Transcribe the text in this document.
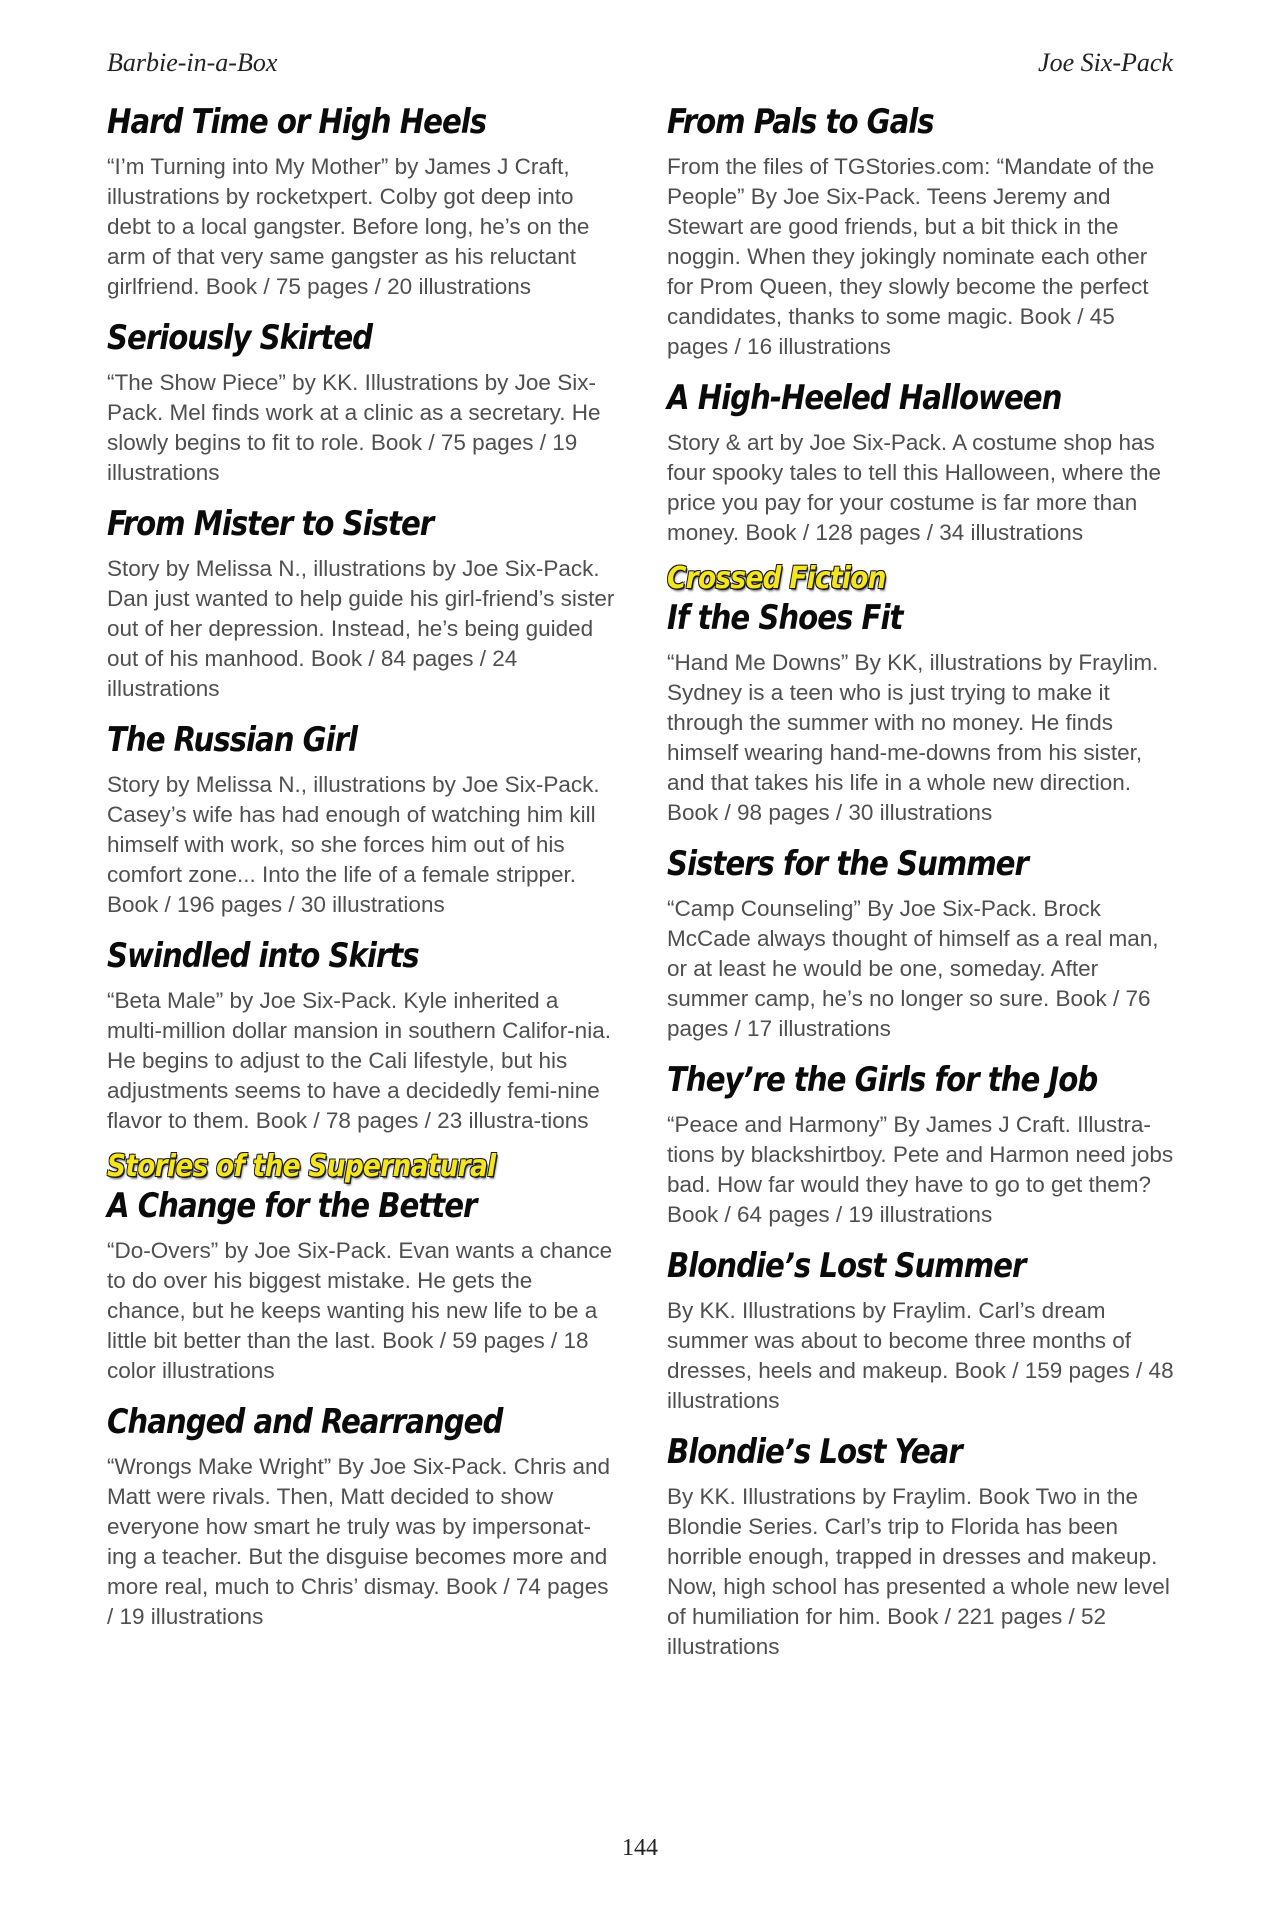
Barbie-in-a-Box	Joe Six-Pack
Hard Time or High Heels

“I’m Turning into My Mother” by James J Craft, illustrations by rocketxpert. Colby got deep into debt to a local gangster. Before long, he’s on the arm of that very same gangster as his reluctant girlfriend. Book / 75 pages / 20 illustrations

Seriously Skirted

“The Show Piece” by KK. Illustrations by Joe Six-Pack. Mel finds work at a clinic as a secretary. He slowly begins to fit to role. Book / 75 pages / 19 illustrations

From Mister to Sister

Story by Melissa N., illustrations by Joe Six-Pack. Dan just wanted to help guide his girl-friend’s sister out of her depression. Instead, he’s being guided out of his manhood. Book / 84 pages / 24 illustrations

The Russian Girl

Story by Melissa N., illustrations by Joe Six-Pack. Casey’s wife has had enough of watching him kill himself with work, so she forces him out of his comfort zone... Into the life of a female stripper. Book / 196 pages / 30 illustrations

Swindled into Skirts

“Beta Male” by Joe Six-Pack. Kyle inherited a multi-million dollar mansion in southern Califor-nia. He begins to adjust to the Cali lifestyle, but his adjustments seems to have a decidedly femi-nine flavor to them. Book / 78 pages / 23 illustra-tions

Stories of the Supernatural
A Change for the Better

“Do-Overs” by Joe Six-Pack. Evan wants a chance to do over his biggest mistake. He gets the chance, but he keeps wanting his new life to be a little bit better than the last. Book / 59 pages / 18 color illustrations

Changed and Rearranged

“Wrongs Make Wright” By Joe Six-Pack. Chris and Matt were rivals. Then, Matt decided to show everyone how smart he truly was by impersonat-ing a teacher. But the disguise becomes more and more real, much to Chris’ dismay. Book / 74 pages / 19 illustrations

From Pals to Gals

From the files of TGStories.com: “Mandate of the People” By Joe Six-Pack. Teens Jeremy and Stewart are good friends, but a bit thick in the noggin. When they jokingly nominate each other for Prom Queen, they slowly become the perfect candidates, thanks to some magic. Book / 45 pages / 16 illustrations

A High-Heeled Halloween

Story & art by Joe Six-Pack. A costume shop has four spooky tales to tell this Halloween, where the price you pay for your costume is far more than money. Book / 128 pages / 34 illustrations

Crossed Fiction
If the Shoes Fit

“Hand Me Downs” By KK, illustrations by Fraylim. Sydney is a teen who is just trying to make it through the summer with no money. He finds himself wearing hand-me-downs from his sister, and that takes his life in a whole new direction. Book / 98 pages / 30 illustrations

Sisters for the Summer

“Camp Counseling” By Joe Six-Pack. Brock McCade always thought of himself as a real man, or at least he would be one, someday. After summer camp, he’s no longer so sure. Book / 76 pages / 17 illustrations

They’re the Girls for the Job

“Peace and Harmony” By James J Craft. Illustra-tions by blackshirtboy. Pete and Harmon need jobs bad. How far would they have to go to get them? Book / 64 pages / 19 illustrations

Blondie’s Lost Summer

By KK. Illustrations by Fraylim. Carl’s dream summer was about to become three months of dresses, heels and makeup. Book / 159 pages / 48 illustrations

Blondie’s Lost Year

By KK. Illustrations by Fraylim. Book Two in the Blondie Series. Carl’s trip to Florida has been horrible enough, trapped in dresses and makeup. Now, high school has presented a whole new level of humiliation for him. Book / 221 pages / 52 illustrations

144
